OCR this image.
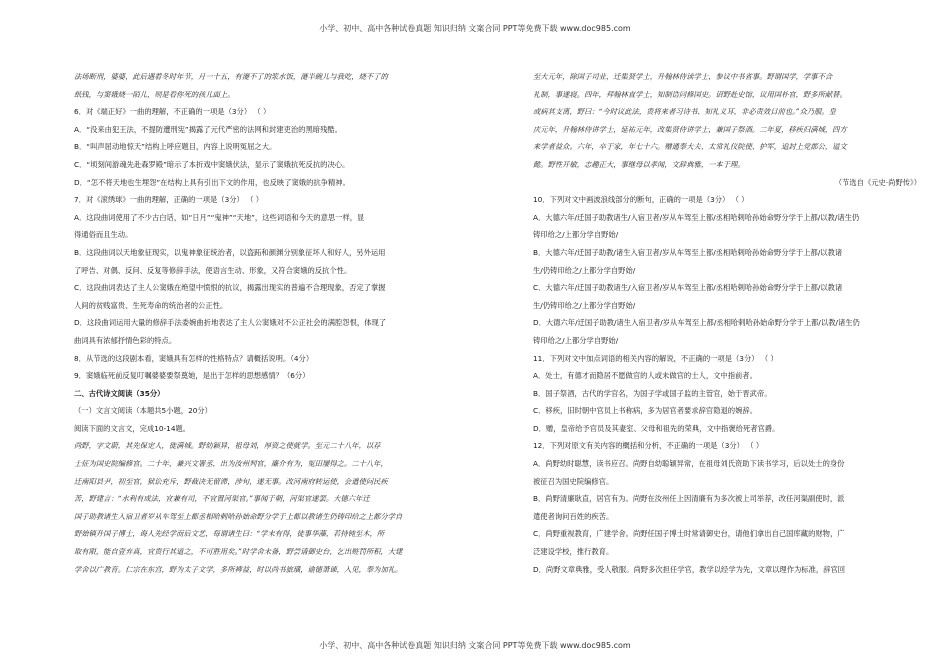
小学、初中、高中各种试卷真题 知识归纳 文案合同 PPT等免费下载 www.doc985.com

法场断刑，婆婆，此后遇着冬时年节，月一十五，有瀽不了的浆水饭，瀽半碗儿与我吃，烧不了的

纸钱，与窦娥烧一陌儿，则是看你死的孩儿面上。

6．对《端正好》一曲的理解，不正确的一项是（3分） （ ）

A．“没来由犯王法，不提防遭刑宪”揭露了元代严密的法网和封建吏治的黑暗残酷。

B．“叫声屈动地惊天”结构上呼应题目，内容上说明冤屈之大。

C．“顷刻间游魂先赴森罗殿”暗示了本折戏中窦娥伏法，显示了窦娥抗死反抗的决心。

D．“怎不将天地也生埋怨”在结构上具有引出下文的作用，也反映了窦娥的抗争精神。

7．对《滚绣球》一曲的理解，正确的一项是（3分） （ ）

A．这段曲词使用了不少古白话，如“日月”“鬼神”“天地”，这些词语和今天的意思一样，显

得通俗而且生动。

B．这段曲词以天地象征现实，以鬼神象征统治者，以盗跖和颜渊分别象征坏人和好人，另外运用

了呼告、对偶、反问、反复等修辞手法，使语言生动、形象，又符合窦娥的反抗个性。

C．这段曲词表达了主人公窦娥在绝望中愤恨的抗议，揭露出现实的普遍不合理现象，否定了掌握

人间的贫贱富贵、生死寿命的统治者的公正性。

D．这段曲词运用大量的修辞手法委婉曲折地表达了主人公窦娥对不公正社会的满腔怨恨，体现了

曲词具有浓郁抒情色彩的特点。

8．从节选的这段剧本看，窦娥具有怎样的性格特点？请概括说明。（4分）

9．窦娥临死前反复叮嘱婆婆要祭奠她，是出于怎样的思想感情？（6分）

二、古代诗文阅读（35分）

（一）文言文阅读（本题共5小题，20分）

阅读下面的文言文，完成10-14题。

尚野，字文蔚，其先保定人，徙满城。野幼颖异，祖母刘，厚资之使就学。至元二十八年，以荐

士征为国史院编修官。二十年，兼兴文署丞，出为汝州判官，廉介有为，冤田屡得之。二十八年，

迁南阳县尹，初至官，狱讼充斥，野裁决无留滞，涉旬，遂无事。改河南府转运使，会遣使问民疾

苦，野建言：“水利有成法，宜兼有司，不宜置河渠官。”事闻于朝，河渠官遂罢。大德六年迁

国子助教诸生入宿卫者岁从车驾至上都丞相哈剌哈孙始命野分学于上都以教诸生仍铸印给之上都分学自

野始镇升国子博士，诲人先经学而后文艺，每谓诸生曰：“学未有得，徒事华藻，若持钝至木，所

取有限，能自壹弃真，宜贵行其道之，不可胜用矣。”时学舍未备，野尝请御史台，乞出赃罚所积，大建

学舍以广教育。仁宗在东宫，野为太子文学，多所裨益，时以尚书旅璜，谕德萧谏，入见，奉为加礼。

至大元年，除国子司业，迁集贤学士，升翰林侍读学士，参议中书省事。野谓国学，学事不合

礼制，事遂寝。四年，拜翰林直学士，知制诰同修国史。诏野赴史馆，议用国朴官，野多所献替。

或病其支离，野曰：“今时议此法，贵将来者习诗书、知礼义耳，非必责效目前也。”众乃服。皇

庆元年，升翰林侍讲学士，延祐元年，改集贤侍讲学士，兼国子祭酒。二年夏，移疾归满城，四方

来学者益众。六年，卒于家，年七十六。赠通奉大夫、太常礼仪院使、护军，追封上党郡公，谥文

懿。野性开敏，志趣正大，事继母以孝闻，文辞典雅，一本于理。

（节选自《元史·尚野传》）

10．下列对文中画波浪线部分的断句，正确的一项是（3分） （ ）

A．大德六年/迁国子助教诸生/入宿卫者/岁从车驾至上都/丞相哈剌哈孙始命野分学于上都/以教/诸生仍

铸印给之/上都分学自野始/

B．大德六年/迁国子助教/诸生入宿卫者/岁从车驾至上都/丞相哈剌哈孙始命野分学于上都/以教诸

生/仍铸印给之/上都分学自野始/

C．大德六年/迁国子助教诸生/入宿卫者/岁从车驾至上都/丞相哈剌哈孙始命野分学于上都/以教诸

生/仍铸印给之/上都分学自野始/

D．大德六年/迁国子助教/诸生入宿卫者/岁从车驾至上都/丞相哈剌哈孙始命野分学于上都/以教/诸生仍

铸印给之/上都分学自野始/

11．下列对文中加点词语的相关内容的解说，不正确的一项是（3分） （ ）

A．处士，有德才而隐居不愿做官的人或未做官的士人，文中指前者。

B．国子祭酒，古代的学官名，为国子学或国子监的主管官，始于晋武帝。

C．移疾，旧时朝中官员上书称病，多为居官者要求辞官隐退的婉辞。

D．赠，皇帝给予官员及其妻室、父母和祖先的荣典，文中指褒给死者官爵。

12．下列对原文有关内容的概括和分析，不正确的一项是（3分） （ ）

A．尚野幼时聪慧，读书应召。尚野自幼聪颖异常，在祖母刘氏资助下读书学习，后以处士的身份

被征召为国史院编修官。

B．尚野清廉耿直，居官有为。尚野在汝州任上因清廉有为多次被上司举荐，改任河渠副使时，派

遣使者询问百姓的疾苦。

C．尚野重视教育，广建学舍。尚野任国子博士时常请御史台，请他们拿出自己国库藏的财物，广

泛建设学校，推行教育。

D．尚野文章典雅，受人敬服。尚野多次担任学官，教学以经学为先，文章以理作为标准，辞官回

小学、初中、高中各种试卷真题 知识归纳 文案合同 PPT等免费下载 www.doc985.com
